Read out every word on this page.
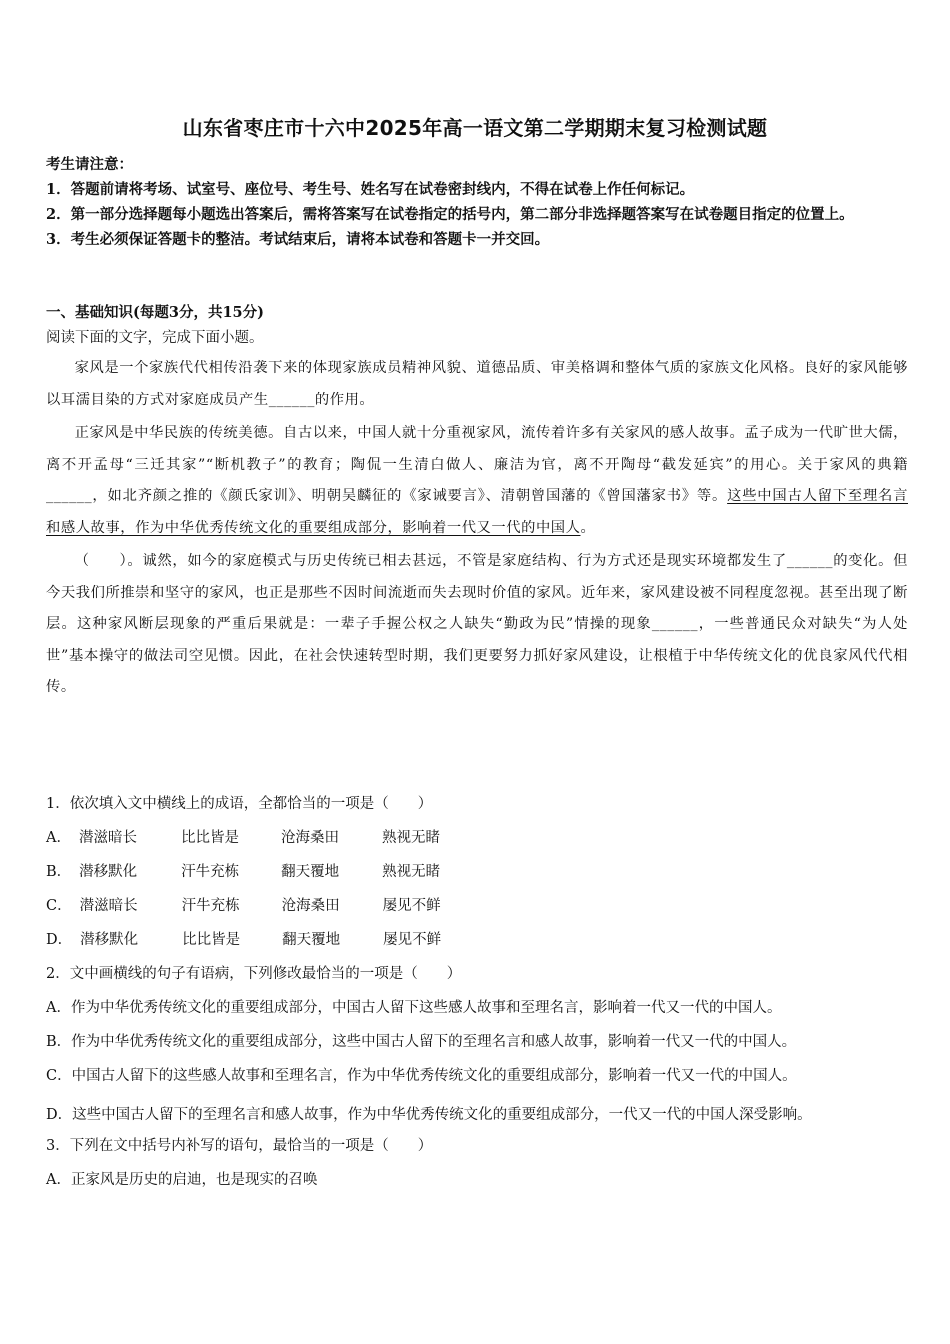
山东省枣庄市十六中2025年高一语文第二学期期末复习检测试题
考生请注意：
1．答题前请将考场、试室号、座位号、考生号、姓名写在试卷密封线内，不得在试卷上作任何标记。
2．第一部分选择题每小题选出答案后，需将答案写在试卷指定的括号内，第二部分非选择题答案写在试卷题目指定的位置上。
3．考生必须保证答题卡的整洁。考试结束后，请将本试卷和答题卡一并交回。
一、基础知识(每题3分，共15分)
阅读下面的文字，完成下面小题。

家风是一个家族代代相传沿袭下来的体现家族成员精神风貌、道德品质、审美格调和整体气质的家族文化风格。良好的家风能够以耳濡目染的方式对家庭成员产生______的作用。

正家风是中华民族的传统美德。自古以来，中国人就十分重视家风，流传着许多有关家风的感人故事。孟子成为一代旷世大儒，离不开孟母“三迁其家”“断机教子”的教育；陶侃一生清白做人、廉洁为官，离不开陶母“截发延宾”的用心。关于家风的典籍______，如北齐颜之推的《颜氏家训》、明朝吴麟征的《家诫要言》、清朝曾国藩的《曾国藩家书》等。这些中国古人留下至理名言和感人故事，作为中华优秀传统文化的重要组成部分，影响着一代又一代的中国人。

（　　）。诚然，如今的家庭模式与历史传统已相去甚远，不管是家庭结构、行为方式还是现实环境都发生了______的变化。但今天我们所推崇和坚守的家风，也正是那些不因时间流逝而失去现时价值的家风。近年来，家风建设被不同程度忽视。甚至出现了断层。这种家风断层现象的严重后果就是：一辈子手握公权之人缺失“勤政为民”情操的现象______，一些普通民众对缺失“为人处世”基本操守的做法司空见惯。因此，在社会快速转型时期，我们更要努力抓好家风建设，让根植于中华传统文化的优良家风代代相传。

1．依次填入文中横线上的成语，全都恰当的一项是（　　）
A． 潜滋暗长	比比皆是	沧海桑田	熟视无睹
B． 潜移默化	汗牛充栋	翻天覆地	熟视无睹
C． 潜滋暗长	汗牛充栋	沧海桑田	屡见不鲜
D． 潜移默化	比比皆是	翻天覆地	屡见不鲜
2．文中画横线的句子有语病，下列修改最恰当的一项是（　　）
A．作为中华优秀传统文化的重要组成部分，中国古人留下这些感人故事和至理名言，影响着一代又一代的中国人。
B．作为中华优秀传统文化的重要组成部分，这些中国古人留下的至理名言和感人故事，影响着一代又一代的中国人。
C．中国古人留下的这些感人故事和至理名言，作为中华优秀传统文化的重要组成部分，影响着一代又一代的中国人。
D．这些中国古人留下的至理名言和感人故事，作为中华优秀传统文化的重要组成部分，一代又一代的中国人深受影响。
3．下列在文中括号内补写的语句，最恰当的一项是（　　）
A．正家风是历史的启迪，也是现实的召唤
